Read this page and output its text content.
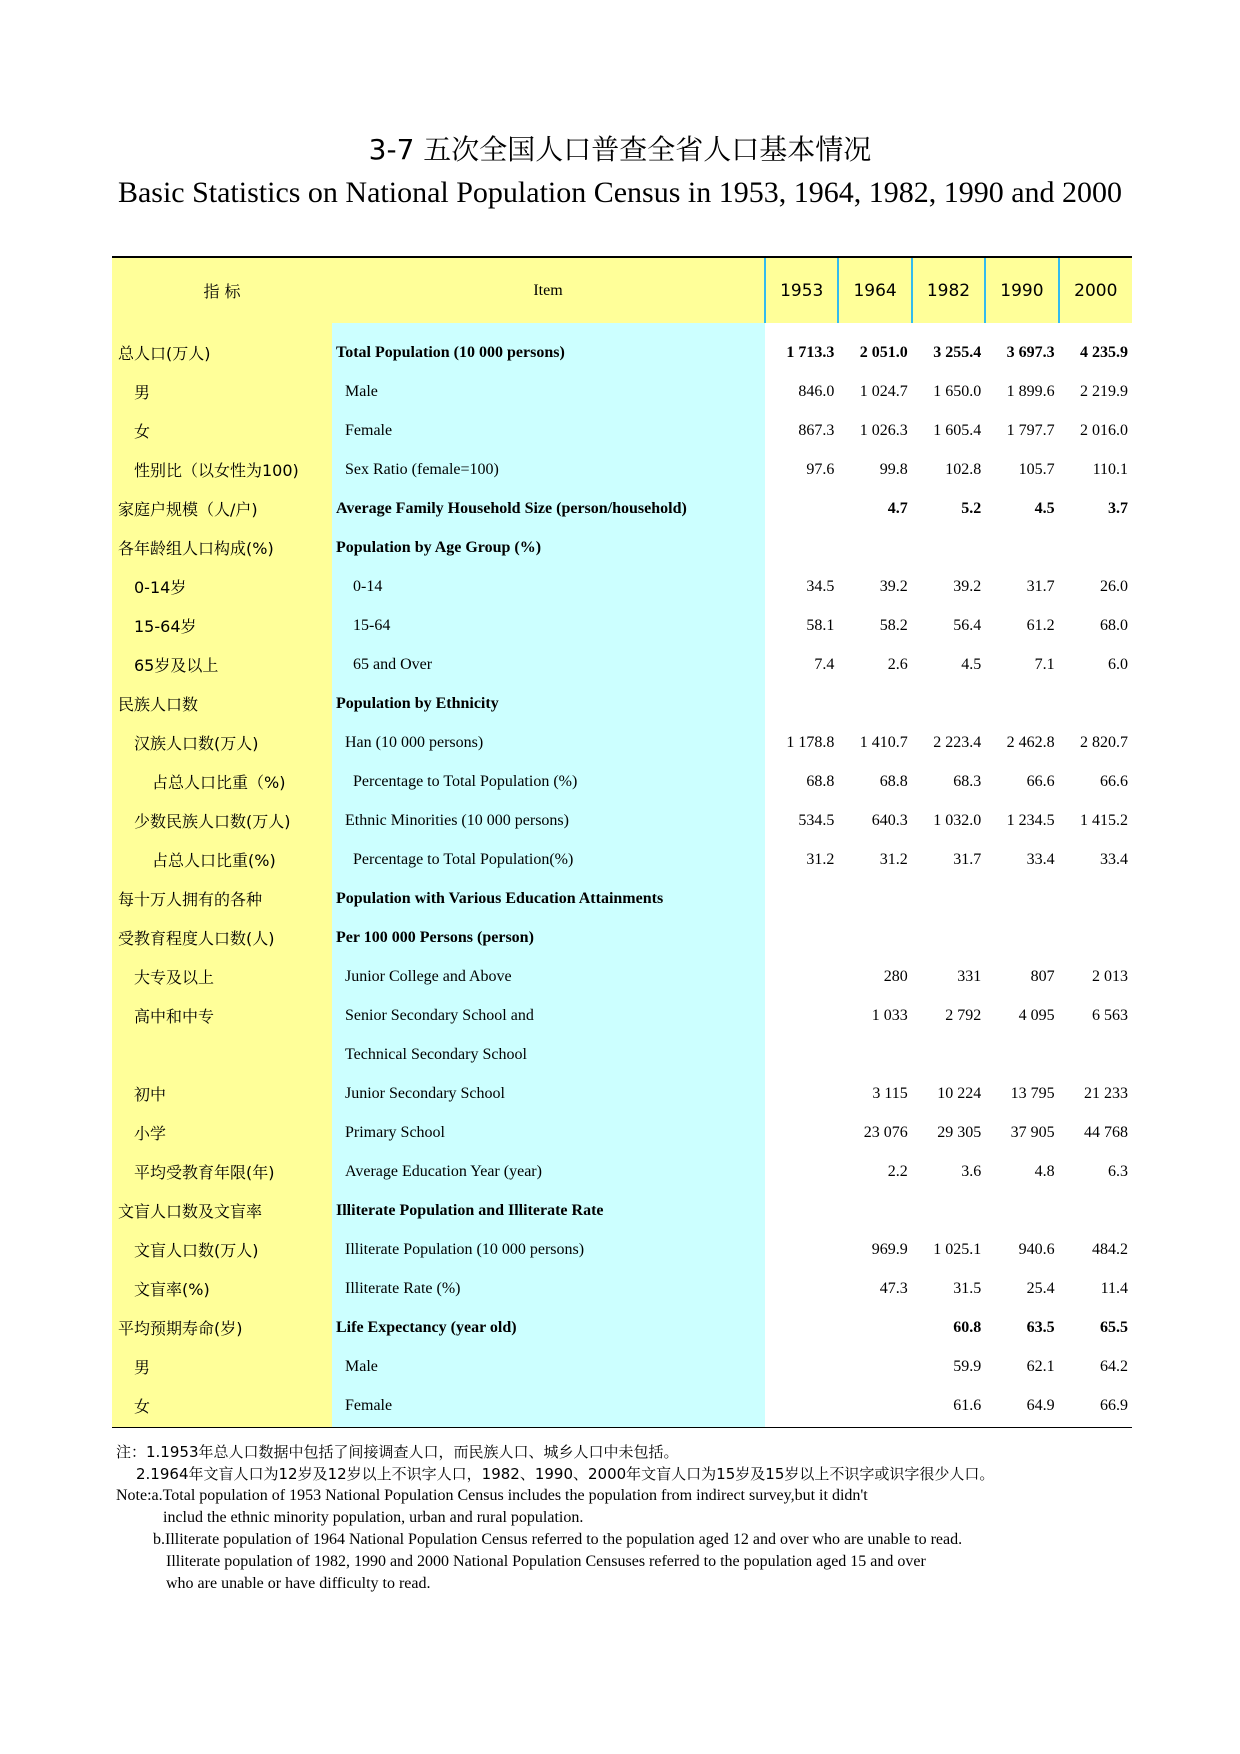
3-7 五次全国人口普查全省人口基本情况
Basic Statistics on National Population Census in 1953, 1964, 1982, 1990 and 2000
指 标	Item	1953	1964	1982	1990	2000

总人口(万人)	Total Population (10 000 persons)	1 713.3	2 051.0	3 255.4	3 697.3	4 235.9
男	Male	846.0	1 024.7	1 650.0	1 899.6	2 219.9
女	Female	867.3	1 026.3	1 605.4	1 797.7	2 016.0
性别比（以女性为100)	Sex Ratio (female=100)	97.6	99.8	102.8	105.7	110.1
家庭户规模（人/户)	Average Family Household Size (person/household)		4.7	5.2	4.5	3.7
各年龄组人口构成(%)	Population by Age Group (%)					
0-14岁	0-14	34.5	39.2	39.2	31.7	26.0
15-64岁	15-64	58.1	58.2	56.4	61.2	68.0
65岁及以上	65 and Over	7.4	2.6	4.5	7.1	6.0
民族人口数	Population by Ethnicity					
汉族人口数(万人)	Han (10 000 persons)	1 178.8	1 410.7	2 223.4	2 462.8	2 820.7
占总人口比重（%)	Percentage to Total Population (%)	68.8	68.8	68.3	66.6	66.6
少数民族人口数(万人)	Ethnic Minorities (10 000 persons)	534.5	640.3	1 032.0	1 234.5	1 415.2
占总人口比重(%)	Percentage to Total Population(%)	31.2	31.2	31.7	33.4	33.4
每十万人拥有的各种	Population with Various Education Attainments					
受教育程度人口数(人)	Per 100 000 Persons (person)					
大专及以上	Junior College and Above		280	331	807	2 013
高中和中专	Senior Secondary School and		1 033	2 792	4 095	6 563
	Technical Secondary School					
初中	Junior Secondary School		3 115	10 224	13 795	21 233
小学	Primary School		23 076	29 305	37 905	44 768
平均受教育年限(年)	Average Education Year (year)		2.2	3.6	4.8	6.3
文盲人口数及文盲率	Illiterate Population and Illiterate Rate					
文盲人口数(万人)	Illiterate Population (10 000 persons)		969.9	1 025.1	940.6	484.2
文盲率(%)	Illiterate Rate (%)		47.3	31.5	25.4	11.4
平均预期寿命(岁)	Life Expectancy (year old)			60.8	63.5	65.5
男	Male			59.9	62.1	64.2
女	Female			61.6	64.9	66.9

注：1.1953年总人口数据中包括了间接调查人口，而民族人口、城乡人口中未包括。
2.1964年文盲人口为12岁及12岁以上不识字人口，1982、1990、2000年文盲人口为15岁及15岁以上不识字或识字很少人口。
Note:a.Total population of 1953 National Population Census includes the population from indirect survey,but it didn't
includ the ethnic minority population, urban and rural population.
b.Illiterate population of 1964 National Population Census referred to the population aged 12 and over who are unable to read.
Illiterate population of 1982, 1990 and 2000 National Population Censuses referred to the population aged 15 and over
who are unable or have difficulty to read.
